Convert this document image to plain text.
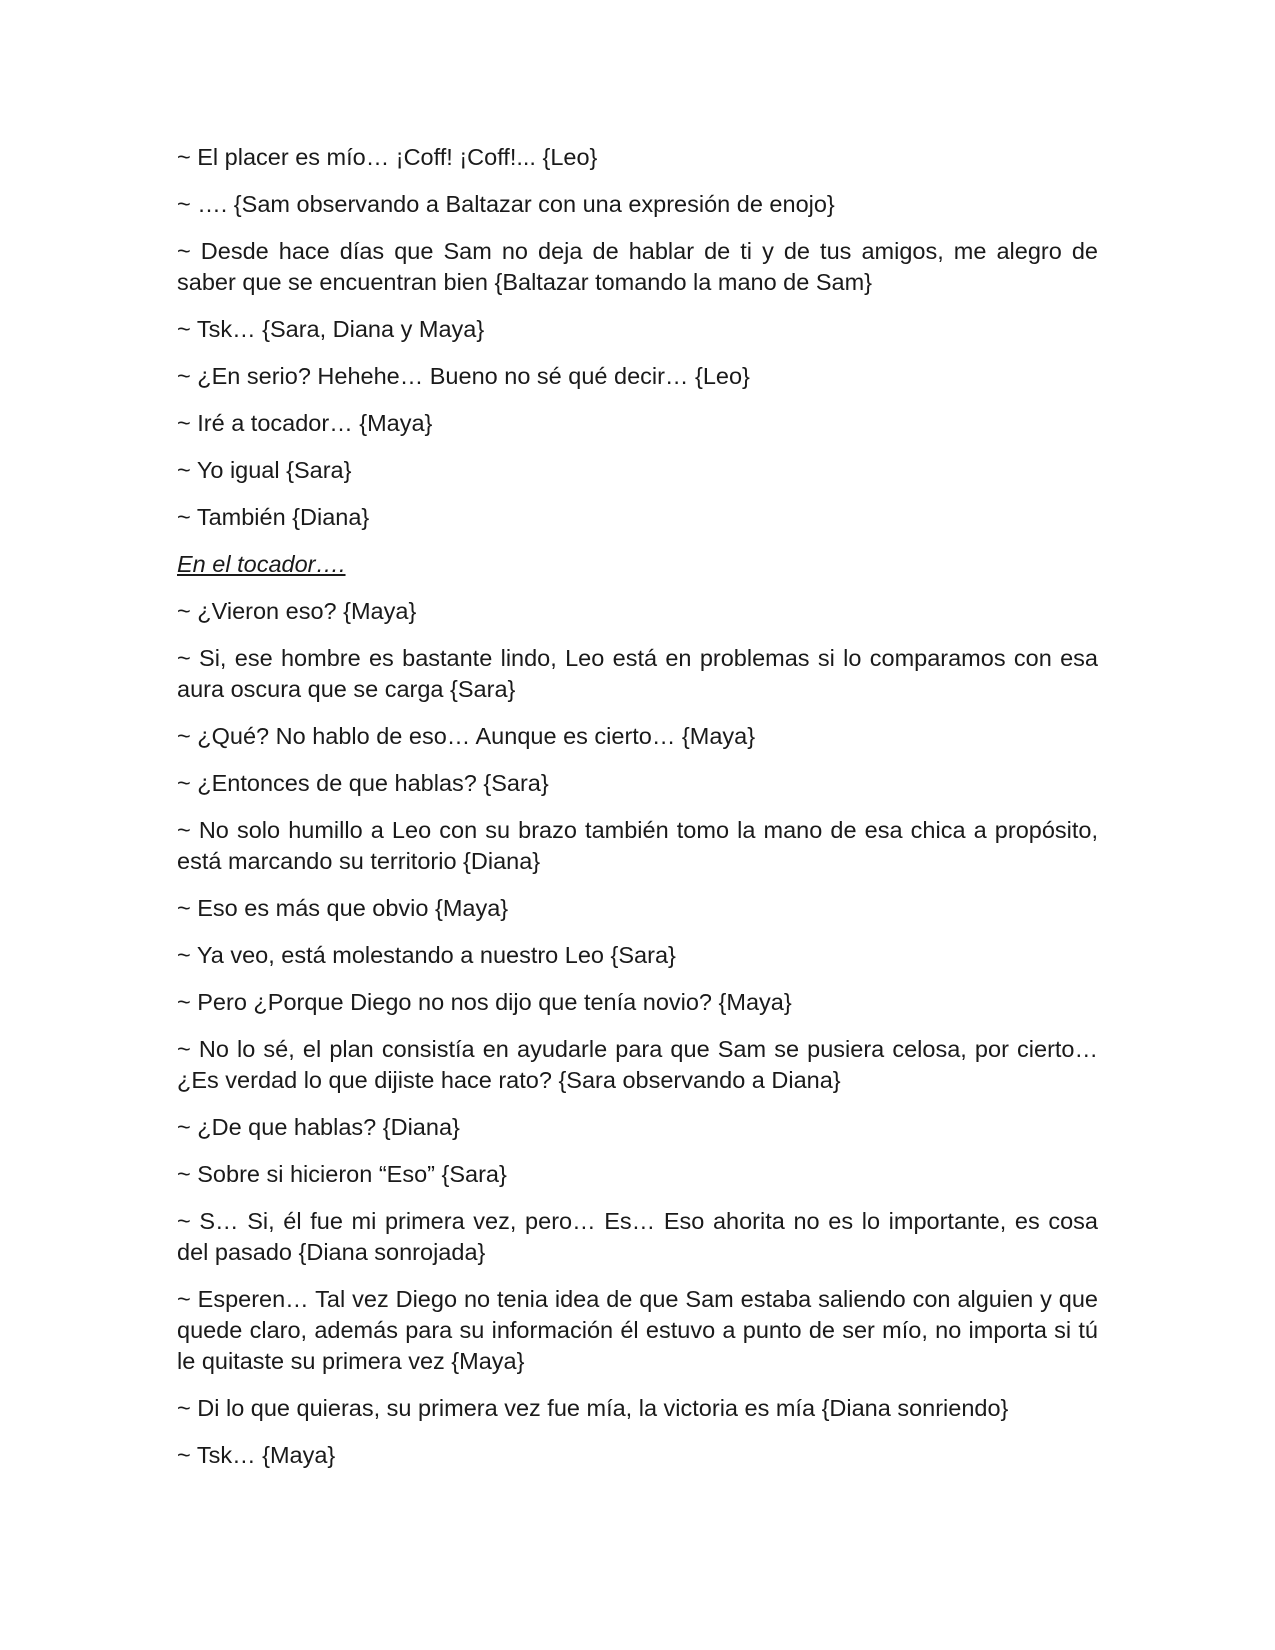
~ El placer es mío… ¡Coff! ¡Coff!... {Leo}

~ …. {Sam observando a Baltazar con una expresión de enojo}

~ Desde hace días que Sam no deja de hablar de ti y de tus amigos, me alegro de saber que se encuentran bien {Baltazar tomando la mano de Sam}

~ Tsk… {Sara, Diana y Maya}

~ ¿En serio? Hehehe… Bueno no sé qué decir… {Leo}

~ Iré a tocador… {Maya}

~ Yo igual {Sara}

~ También {Diana}

En el tocador….

~ ¿Vieron eso? {Maya}

~ Si, ese hombre es bastante lindo, Leo está en problemas si lo comparamos con esa aura oscura que se carga {Sara}

~ ¿Qué? No hablo de eso… Aunque es cierto… {Maya}

~ ¿Entonces de que hablas? {Sara}

~ No solo humillo a Leo con su brazo también tomo la mano de esa chica a propósito, está marcando su territorio {Diana}

~ Eso es más que obvio {Maya}

~ Ya veo, está molestando a nuestro Leo {Sara}

~ Pero ¿Porque Diego no nos dijo que tenía novio? {Maya}

~ No lo sé, el plan consistía en ayudarle para que Sam se pusiera celosa, por cierto… ¿Es verdad lo que dijiste hace rato? {Sara observando a Diana}

~ ¿De que hablas? {Diana}

~ Sobre si hicieron “Eso” {Sara}

~ S… Si, él fue mi primera vez, pero… Es… Eso ahorita no es lo importante, es cosa del pasado {Diana sonrojada}

~ Esperen… Tal vez Diego no tenia idea de que Sam estaba saliendo con alguien y que quede claro, además para su información él estuvo a punto de ser mío, no importa si tú le quitaste su primera vez {Maya}

~ Di lo que quieras, su primera vez fue mía, la victoria es mía {Diana sonriendo}

~ Tsk… {Maya}
